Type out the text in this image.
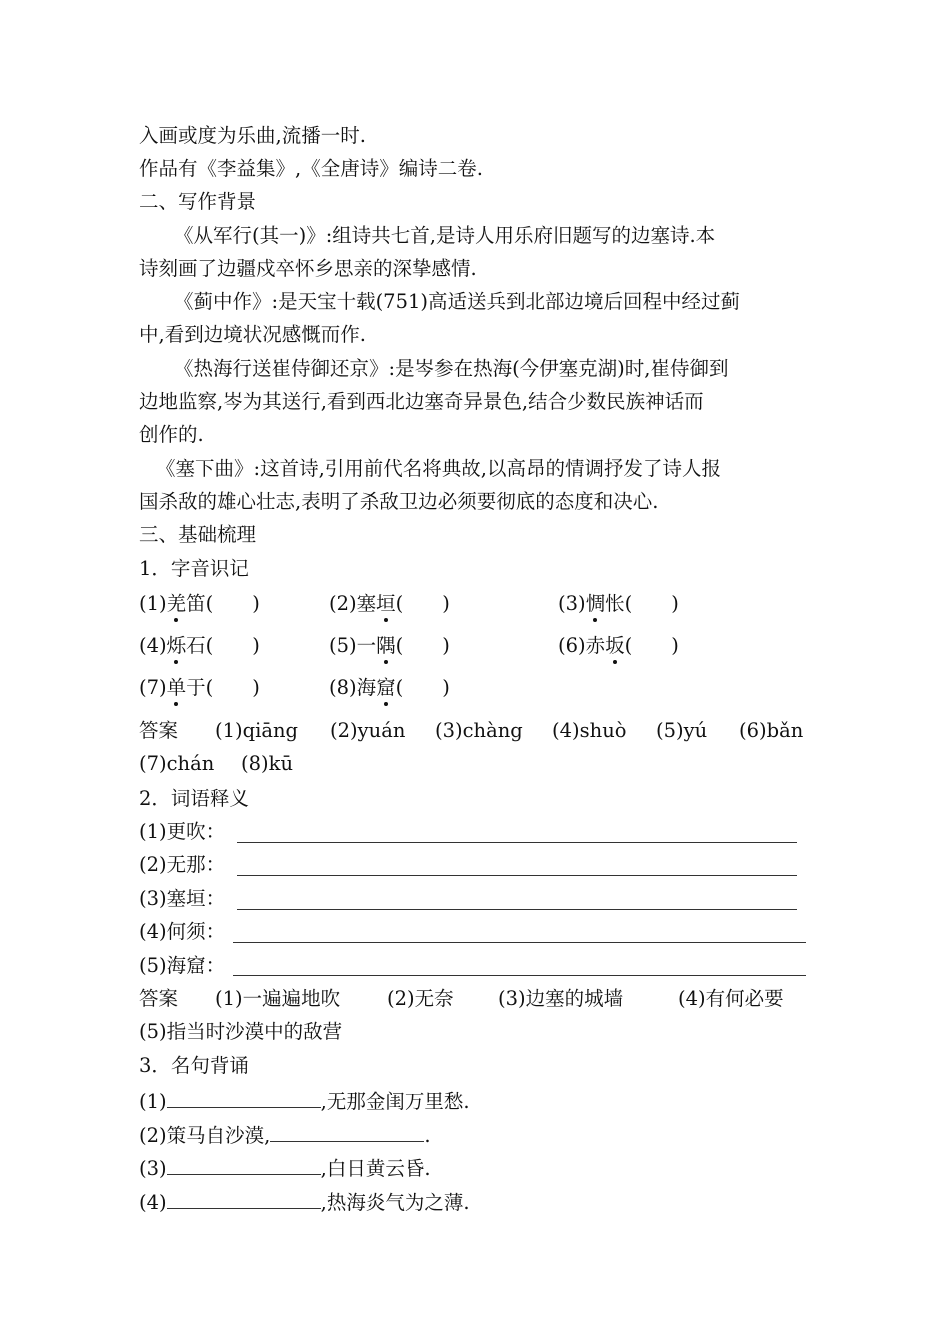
入画或度为乐曲,流播一时.
作品有《李益集》,《全唐诗》编诗二卷.
二、写作背景
《从军行(其一)》:组诗共七首,是诗人用乐府旧题写的边塞诗.本
诗刻画了边疆戍卒怀乡思亲的深挚感情.
《蓟中作》:是天宝十载(751)高适送兵到北部边境后回程中经过蓟
中,看到边境状况感慨而作.
《热海行送崔侍御还京》:是岑参在热海(今伊塞克湖)时,崔侍御到
边地监察,岑为其送行,看到西北边塞奇异景色,结合少数民族神话而
创作的.
《塞下曲》:这首诗,引用前代名将典故,以高昂的情调抒发了诗人报
国杀敌的雄心壮志,表明了杀敌卫边必须要彻底的态度和决心.
三、基础梳理
1．字音识记
(1)羌笛(　　)	(2)塞垣(　　)	(3)惆怅(　　)
(4)烁石(　　)	(5)一隅(　　)	(6)赤坂(　　)
(7)单于(　　)	(8)海窟(　　)
答案 (1)qiāng (2)yuán (3)chàng (4)shuò (5)yú (6)bǎn
(7)chán (8)kū
2．词语释义
(1)更吹：
(2)无那：
(3)塞垣：
(4)何须：
(5)海窟：
答案 (1)一遍遍地吹 (2)无奈 (3)边塞的城墙	(4)有何必要
(5)指当时沙漠中的敌营
3．名句背诵
(1)	,无那金闺万里愁.
(2)策马自沙漠,	.
(3)	,白日黄云昏.
(4)	,热海炎气为之薄.
